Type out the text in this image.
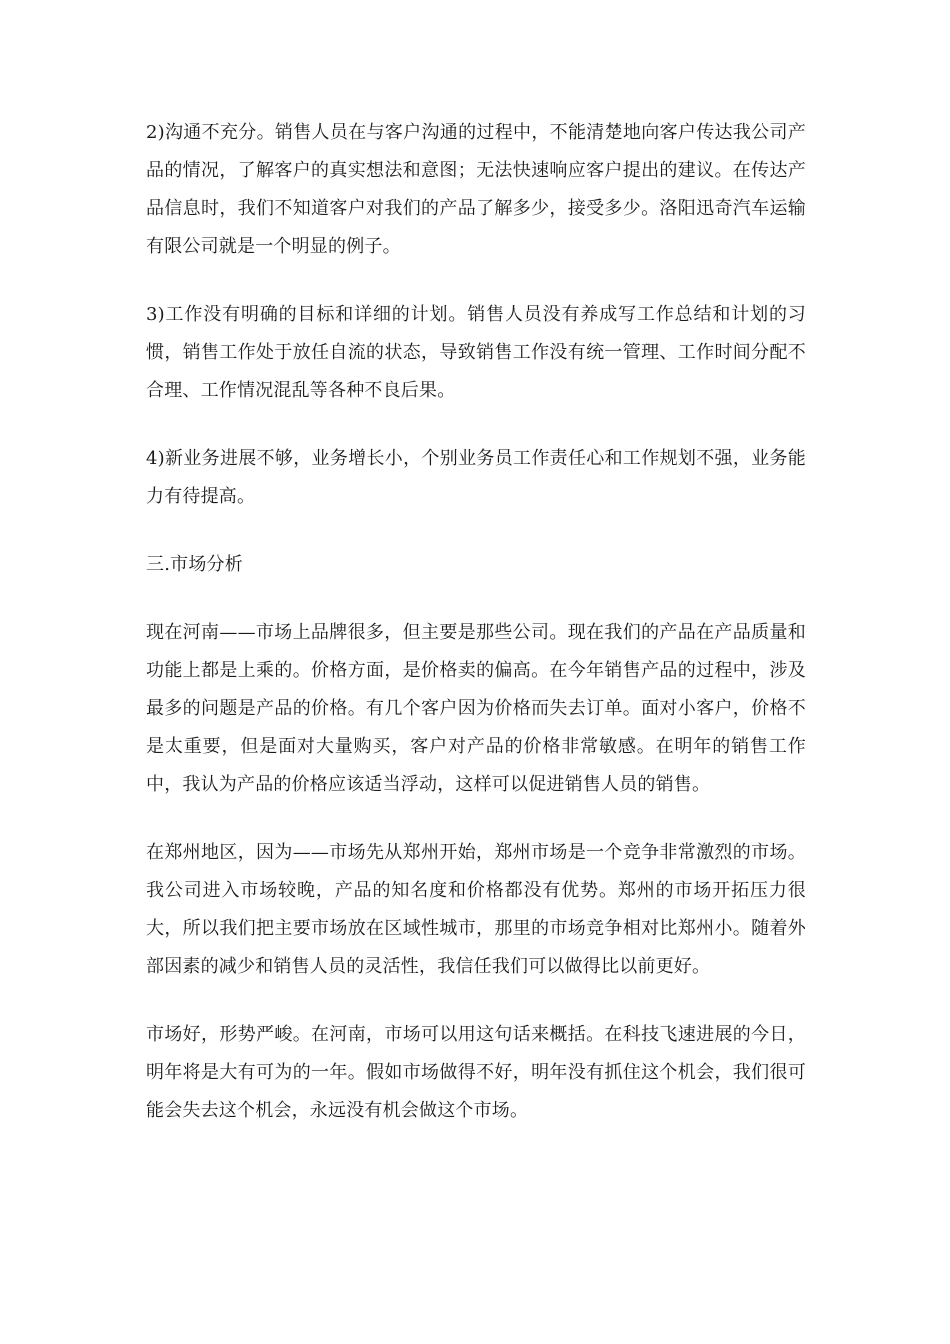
2)沟通不充分。销售人员在与客户沟通的过程中，不能清楚地向客户传达我公司产品的情况，了解客户的真实想法和意图；无法快速响应客户提出的建议。在传达产品信息时，我们不知道客户对我们的产品了解多少，接受多少。洛阳迅奇汽车运输有限公司就是一个明显的例子。

3)工作没有明确的目标和详细的计划。销售人员没有养成写工作总结和计划的习惯，销售工作处于放任自流的状态，导致销售工作没有统一管理、工作时间分配不合理、工作情况混乱等各种不良后果。

4)新业务进展不够，业务增长小，个别业务员工作责任心和工作规划不强，业务能力有待提高。

三.市场分析

现在河南——市场上品牌很多，但主要是那些公司。现在我们的产品在产品质量和功能上都是上乘的。价格方面，是价格卖的偏高。在今年销售产品的过程中，涉及最多的问题是产品的价格。有几个客户因为价格而失去订单。面对小客户，价格不是太重要，但是面对大量购买，客户对产品的价格非常敏感。在明年的销售工作中，我认为产品的价格应该适当浮动，这样可以促进销售人员的销售。

在郑州地区，因为——市场先从郑州开始，郑州市场是一个竞争非常激烈的市场。我公司进入市场较晚，产品的知名度和价格都没有优势。郑州的市场开拓压力很大，所以我们把主要市场放在区域性城市，那里的市场竞争相对比郑州小。随着外部因素的减少和销售人员的灵活性，我信任我们可以做得比以前更好。

市场好，形势严峻。在河南，市场可以用这句话来概括。在科技飞速进展的今日，明年将是大有可为的一年。假如市场做得不好，明年没有抓住这个机会，我们很可能会失去这个机会，永远没有机会做这个市场。
